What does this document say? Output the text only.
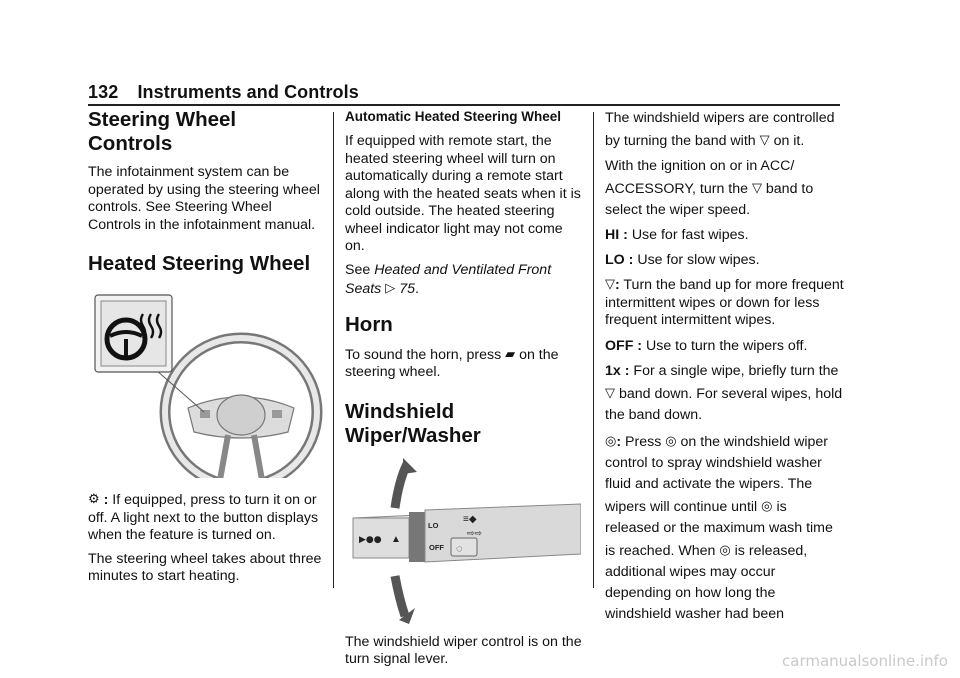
132 Instruments and Controls
Steering Wheel Controls

The infotainment system can be operated by using the steering wheel controls. See Steering Wheel Controls in the infotainment manual.

Heated Steering Wheel

⚙ : If equipped, press to turn it on or off. A light next to the button displays when the feature is turned on.

The steering wheel takes about three minutes to start heating.

Automatic Heated Steering Wheel

If equipped with remote start, the heated steering wheel will turn on automatically during a remote start along with the heated seats when it is cold outside. The heated steering wheel indicator light may not come on.

See Heated and Ventilated Front Seats ▷ 75.

Horn

To sound the horn, press ▰ on the steering wheel.

Windshield Wiper/Washer
▶●● ▲
LO
OFF
≡◆
⇨⇨
◌

The windshield wiper control is on the turn signal lever.

The windshield wipers are controlled by turning the band with ▽ on it.

With the ignition on or in ACC/ ACCESSORY, turn the ▽ band to select the wiper speed.

HI : Use for fast wipes.

LO : Use for slow wipes.

▽: Turn the band up for more frequent intermittent wipes or down for less frequent intermittent wipes.

OFF : Use to turn the wipers off.

1x : For a single wipe, briefly turn the ▽ band down. For several wipes, hold the band down.

◎: Press ◎ on the windshield wiper control to spray windshield washer fluid and activate the wipers. The wipers will continue until ◎ is released or the maximum wash time is reached. When ◎ is released, additional wipes may occur depending on how long the windshield washer had been

carmanualsonline.info
